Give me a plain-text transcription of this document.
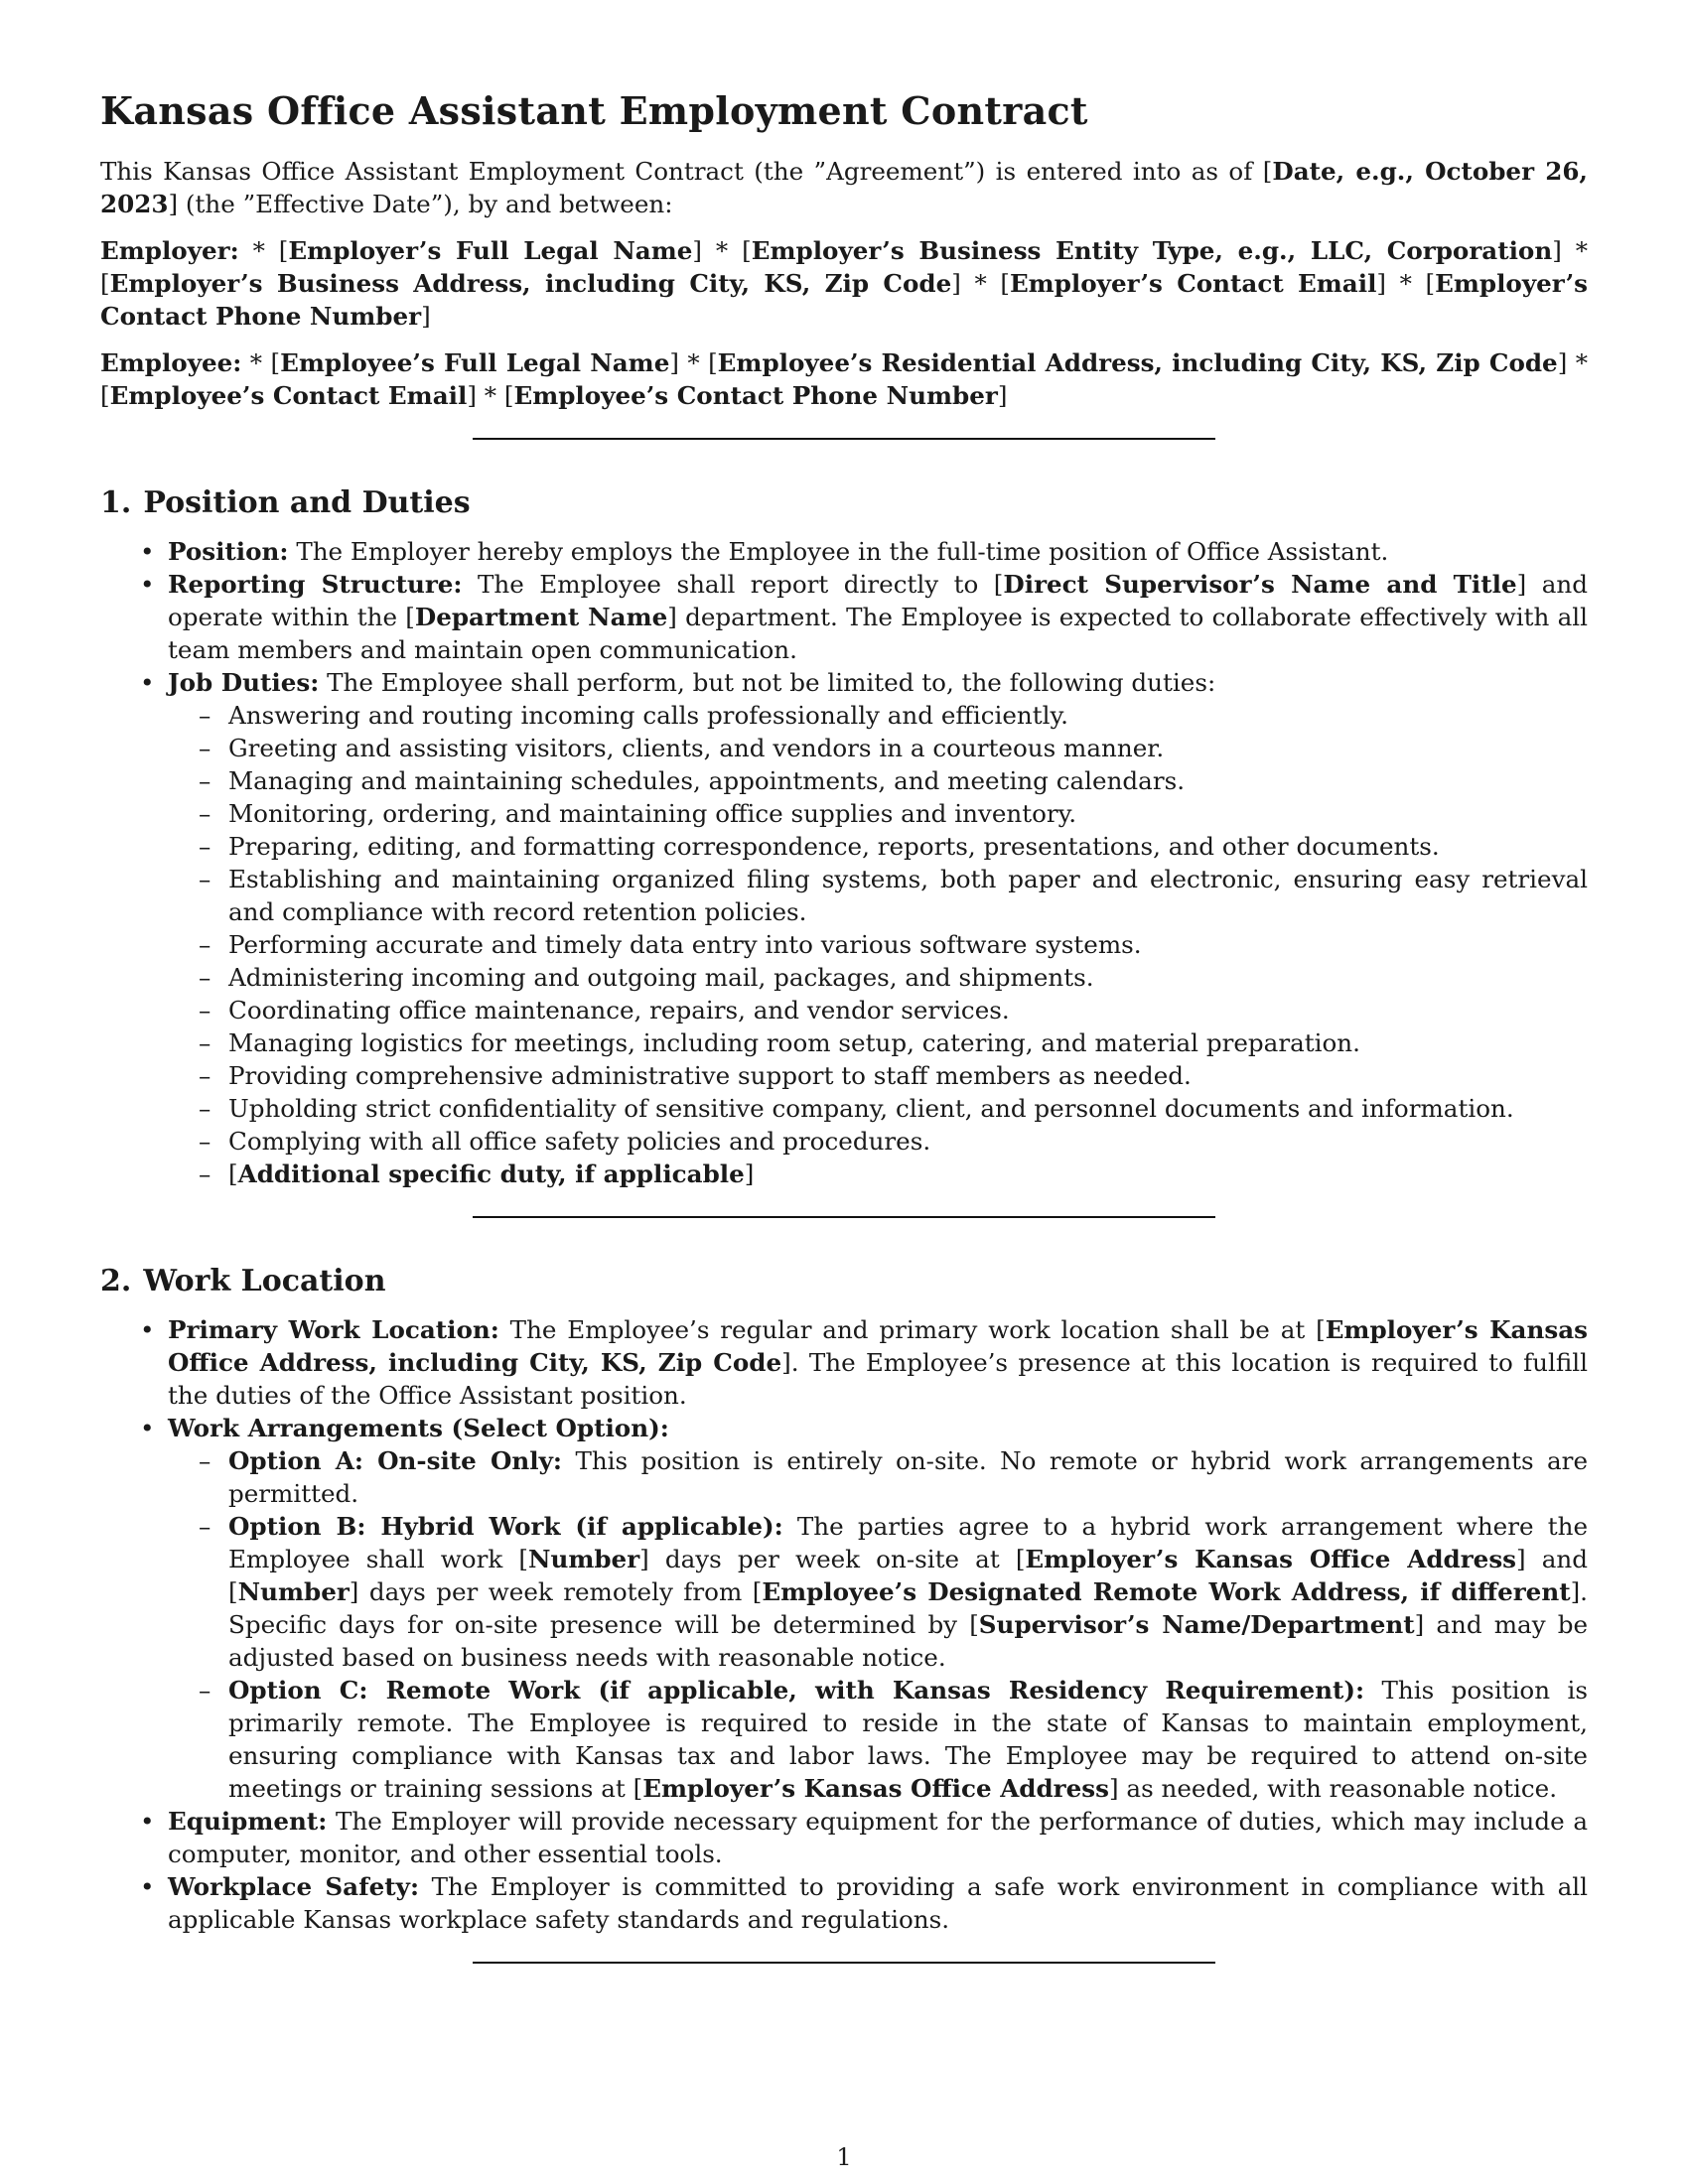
Kansas Office Assistant Employment Contract

This Kansas Office Assistant Employment Contract (the ”Agreement”) is entered into as of [Date, e.g., October 26, 2023] (the ”Effective Date”), by and between:

Employer: * [Employer’s Full Legal Name] * [Employer’s Business Entity Type, e.g., LLC, Corporation] * [Employer’s Business Address, including City, KS, Zip Code] * [Employer’s Contact Email] * [Employer’s Contact Phone Number]

Employee: * [Employee’s Full Legal Name] * [Employee’s Residential Address, including City, KS, Zip Code] * [Employee’s Contact Email] * [Employee’s Contact Phone Number]

1. Position and Duties
• Position: The Employer hereby employs the Employee in the full-time position of Office Assistant.
• Reporting Structure: The Employee shall report directly to [Direct Supervisor’s Name and Title] and operate within the [Department Name] department. The Employee is expected to collaborate effectively with all team members and maintain open communication.
• Job Duties: The Employee shall perform, but not be limited to, the following duties:
– Answering and routing incoming calls professionally and efficiently.
– Greeting and assisting visitors, clients, and vendors in a courteous manner.
– Managing and maintaining schedules, appointments, and meeting calendars.
– Monitoring, ordering, and maintaining office supplies and inventory.
– Preparing, editing, and formatting correspondence, reports, presentations, and other documents.
– Establishing and maintaining organized filing systems, both paper and electronic, ensuring easy retrieval and compliance with record retention policies.
– Performing accurate and timely data entry into various software systems.
– Administering incoming and outgoing mail, packages, and shipments.
– Coordinating office maintenance, repairs, and vendor services.
– Managing logistics for meetings, including room setup, catering, and material preparation.
– Providing comprehensive administrative support to staff members as needed.
– Upholding strict confidentiality of sensitive company, client, and personnel documents and information.
– Complying with all office safety policies and procedures.
– [Additional specific duty, if applicable]
2. Work Location
• Primary Work Location: The Employee’s regular and primary work location shall be at [Employer’s Kansas Office Address, including City, KS, Zip Code]. The Employee’s presence at this location is required to fulfill the duties of the Office Assistant position.
• Work Arrangements (Select Option):
– Option A: On-site Only: This position is entirely on-site. No remote or hybrid work arrangements are permitted.
– Option B: Hybrid Work (if applicable): The parties agree to a hybrid work arrangement where the Employee shall work [Number] days per week on-site at [Employer’s Kansas Office Address] and [Number] days per week remotely from [Employee’s Designated Remote Work Address, if different]. Specific days for on-site presence will be determined by [Supervisor’s Name/Department] and may be adjusted based on business needs with reasonable notice.
– Option C: Remote Work (if applicable, with Kansas Residency Requirement): This position is primarily remote. The Employee is required to reside in the state of Kansas to maintain employment, ensuring compliance with Kansas tax and labor laws. The Employee may be required to attend on-site meetings or training sessions at [Employer’s Kansas Office Address] as needed, with reasonable notice.
• Equipment: The Employer will provide necessary equipment for the performance of duties, which may include a computer, monitor, and other essential tools.
• Workplace Safety: The Employer is committed to providing a safe work environment in compliance with all applicable Kansas workplace safety standards and regulations.
1
